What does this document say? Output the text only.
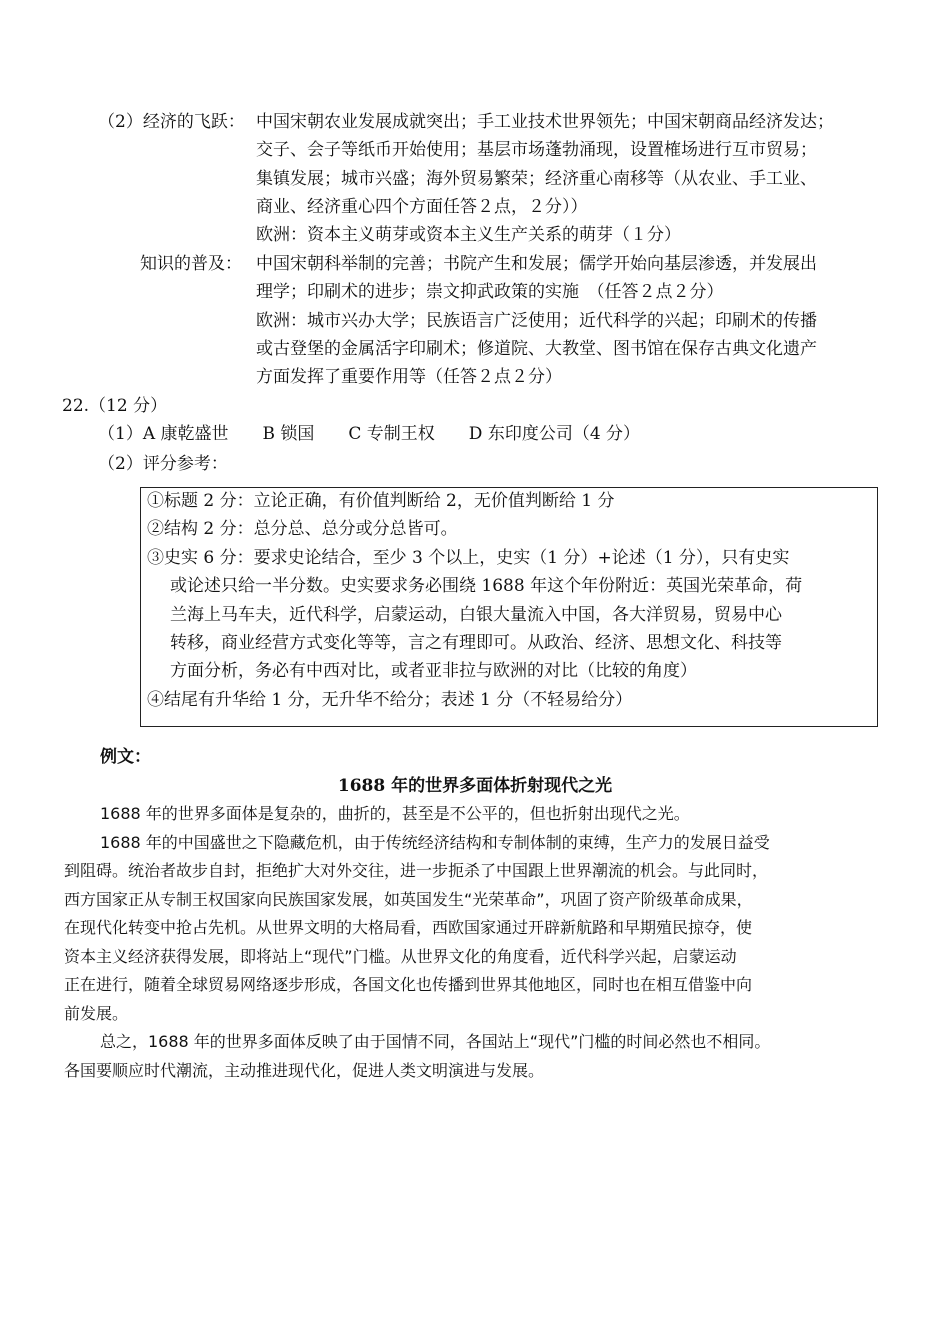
（2）经济的飞跃： 中国宋朝农业发展成就突出；手工业技术世界领先；中国宋朝商品经济发达；
交子、会子等纸币开始使用；基层市场蓬勃涌现，设置榷场进行互市贸易；
集镇发展；城市兴盛；海外贸易繁荣；经济重心南移等（从农业、手工业、
商业、经济重心四个方面任答２点，２分））
欧洲：资本主义萌芽或资本主义生产关系的萌芽（１分）
知识的普及： 中国宋朝科举制的完善；书院产生和发展；儒学开始向基层渗透，并发展出
理学；印刷术的进步；崇文抑武政策的实施　（任答２点２分）
欧洲：城市兴办大学；民族语言广泛使用；近代科学的兴起；印刷术的传播
或古登堡的金属活字印刷术；修道院、大教堂、图书馆在保存古典文化遗产
方面发挥了重要作用等（任答２点２分）
22.（12 分）
（1）A 康乾盛世　　B 锁国　　C 专制王权　　D 东印度公司（4 分）
（2）评分参考：
①标题 2 分：立论正确，有价值判断给 2，无价值判断给 1 分
②结构 2 分：总分总、总分或分总皆可。
③史实 6 分：要求史论结合，至少 3 个以上，史实（1 分）+论述（1 分），只有史实
或论述只给一半分数。史实要求务必围绕 1688 年这个年份附近：英国光荣革命，荷
兰海上马车夫，近代科学，启蒙运动，白银大量流入中国，各大洋贸易，贸易中心
转移，商业经营方式变化等等，言之有理即可。从政治、经济、思想文化、科技等
方面分析，务必有中西对比，或者亚非拉与欧洲的对比（比较的角度）
④结尾有升华给 1 分，无升华不给分；表述 1 分（不轻易给分）
例文：
1688 年的世界多面体折射现代之光
1688 年的世界多面体是复杂的，曲折的，甚至是不公平的，但也折射出现代之光。
1688 年的中国盛世之下隐藏危机，由于传统经济结构和专制体制的束缚，生产力的发展日益受
到阻碍。统治者故步自封，拒绝扩大对外交往，进一步扼杀了中国跟上世界潮流的机会。与此同时，
西方国家正从专制王权国家向民族国家发展，如英国发生“光荣革命”，巩固了资产阶级革命成果，
在现代化转变中抢占先机。从世界文明的大格局看，西欧国家通过开辟新航路和早期殖民掠夺，使
资本主义经济获得发展，即将站上“现代”门槛。从世界文化的角度看，近代科学兴起，启蒙运动
正在进行，随着全球贸易网络逐步形成，各国文化也传播到世界其他地区，同时也在相互借鉴中向
前发展。
总之，1688 年的世界多面体反映了由于国情不同，各国站上“现代”门槛的时间必然也不相同。
各国要顺应时代潮流，主动推进现代化，促进人类文明演进与发展。
